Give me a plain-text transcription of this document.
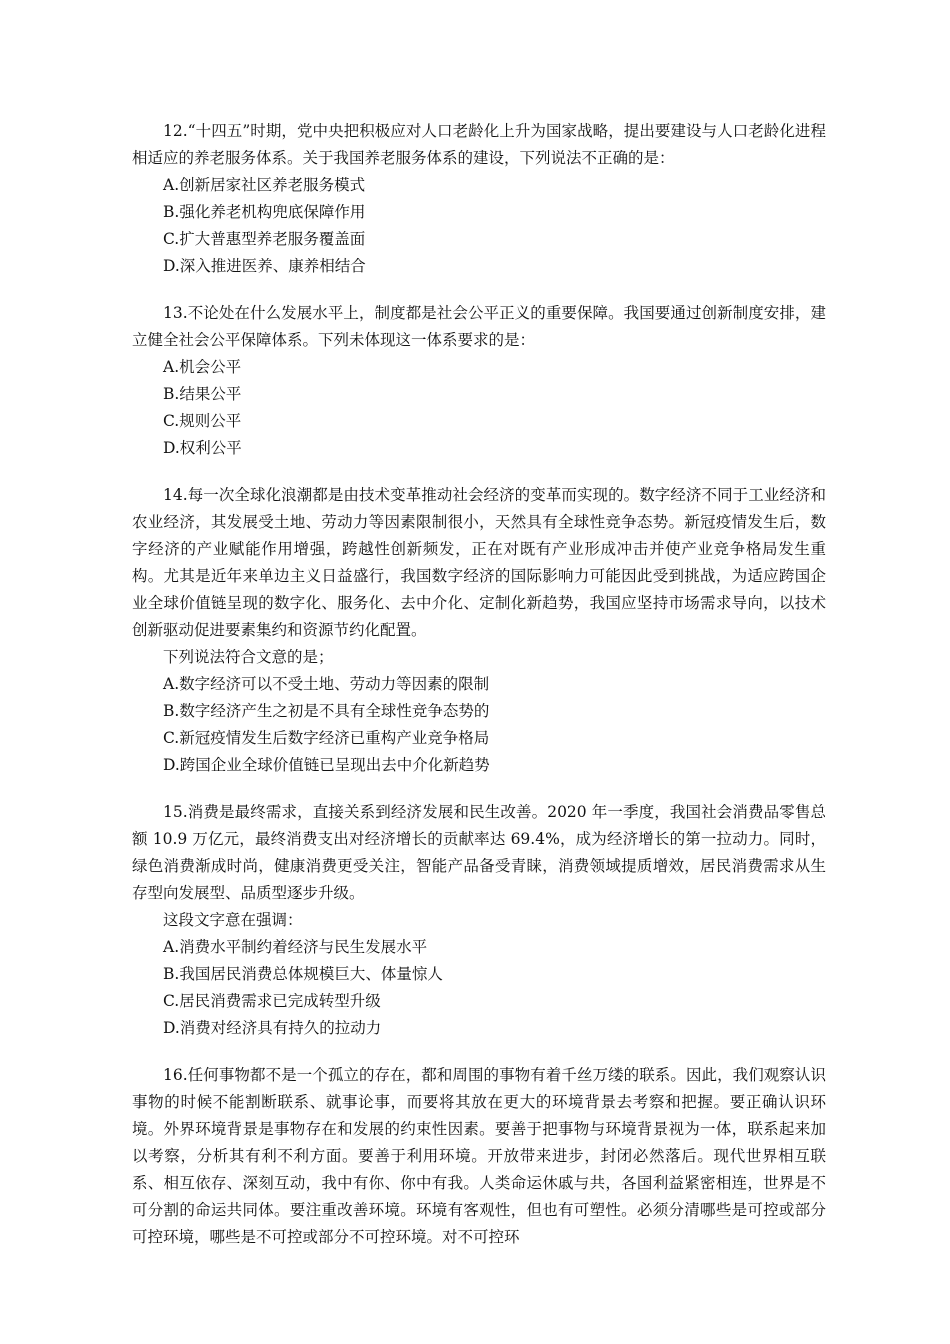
12.“十四五”时期，党中央把积极应对人口老龄化上升为国家战略，提出要建设与人口老龄化进程相适应的养老服务体系。关于我国养老服务体系的建设，下列说法不正确的是：

A.创新居家社区养老服务模式
B.强化养老机构兜底保障作用
C.扩大普惠型养老服务覆盖面
D.深入推进医养、康养相结合

13.不论处在什么发展水平上，制度都是社会公平正义的重要保障。我国要通过创新制度安排，建立健全社会公平保障体系。下列未体现这一体系要求的是：

A.机会公平
B.结果公平
C.规则公平
D.权利公平

14.每一次全球化浪潮都是由技术变革推动社会经济的变革而实现的。数字经济不同于工业经济和农业经济，其发展受土地、劳动力等因素限制很小，天然具有全球性竞争态势。新冠疫情发生后，数字经济的产业赋能作用增强，跨越性创新频发，正在对既有产业形成冲击并使产业竞争格局发生重构。尤其是近年来单边主义日益盛行，我国数字经济的国际影响力可能因此受到挑战，为适应跨国企业全球价值链呈现的数字化、服务化、去中介化、定制化新趋势，我国应坚持市场需求导向，以技术创新驱动促进要素集约和资源节约化配置。

下列说法符合文意的是；

A.数字经济可以不受土地、劳动力等因素的限制
B.数字经济产生之初是不具有全球性竞争态势的
C.新冠疫情发生后数字经济已重构产业竞争格局
D.跨国企业全球价值链已呈现出去中介化新趋势

15.消费是最终需求，直接关系到经济发展和民生改善。2020 年一季度，我国社会消费品零售总额 10.9 万亿元，最终消费支出对经济增长的贡献率达 69.4%，成为经济增长的第一拉动力。同时，绿色消费渐成时尚，健康消费更受关注，智能产品备受青睐，消费领域提质增效，居民消费需求从生存型向发展型、品质型逐步升级。

这段文字意在强调：

A.消费水平制约着经济与民生发展水平
B.我国居民消费总体规模巨大、体量惊人
C.居民消费需求已完成转型升级
D.消费对经济具有持久的拉动力

16.任何事物都不是一个孤立的存在，都和周围的事物有着千丝万缕的联系。因此，我们观察认识事物的时候不能割断联系、就事论事，而要将其放在更大的环境背景去考察和把握。要正确认识环境。外界环境背景是事物存在和发展的约束性因素。要善于把事物与环境背景视为一体，联系起来加以考察，分析其有利不利方面。要善于利用环境。开放带来进步，封闭必然落后。现代世界相互联系、相互依存、深刻互动，我中有你、你中有我。人类命运休戚与共，各国利益紧密相连，世界是不可分割的命运共同体。要注重改善环境。环境有客观性，但也有可塑性。必须分清哪些是可控或部分可控环境，哪些是不可控或部分不可控环境。对不可控环
